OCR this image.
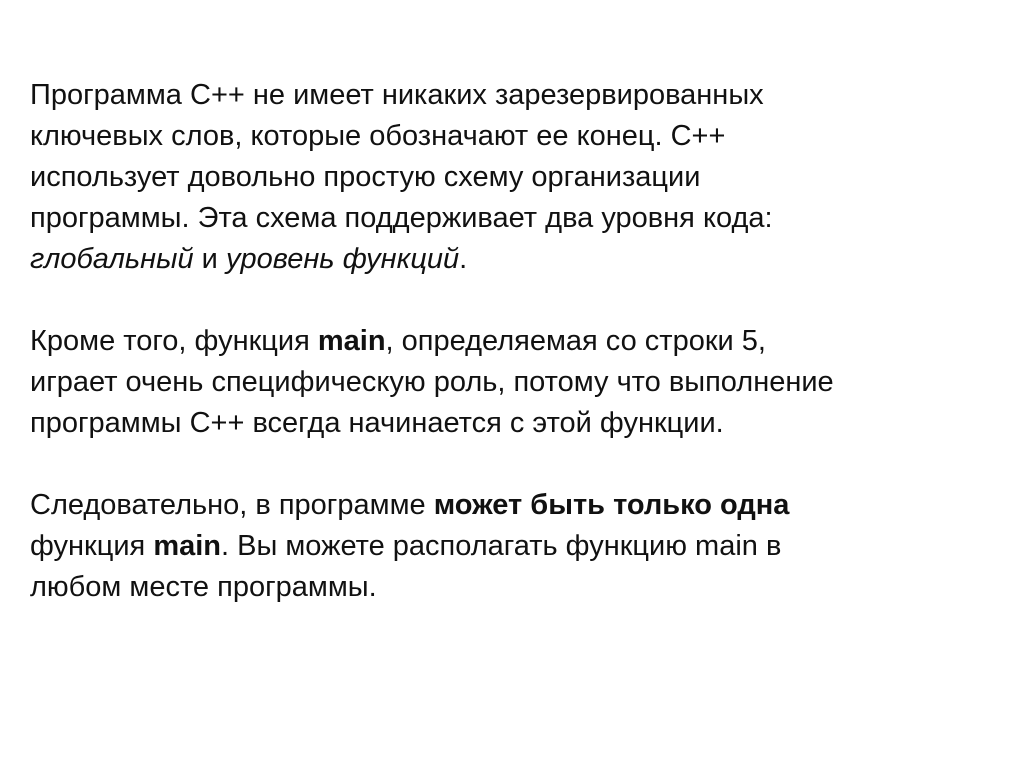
Программа С++ не имеет никаких зарезервированных
ключевых слов, которые обозначают ее конец. С++
использует довольно простую схему организации
программы. Эта схема поддерживает два уровня кода:
глобальный и уровень функций.

Кроме того, функция main, определяемая со строки 5,
играет очень специфическую роль, потому что выполнение
программы С++ всегда начинается с этой функции.

Следовательно, в программе может быть только одна
функция main. Вы можете располагать функцию main в
любом месте программы.
